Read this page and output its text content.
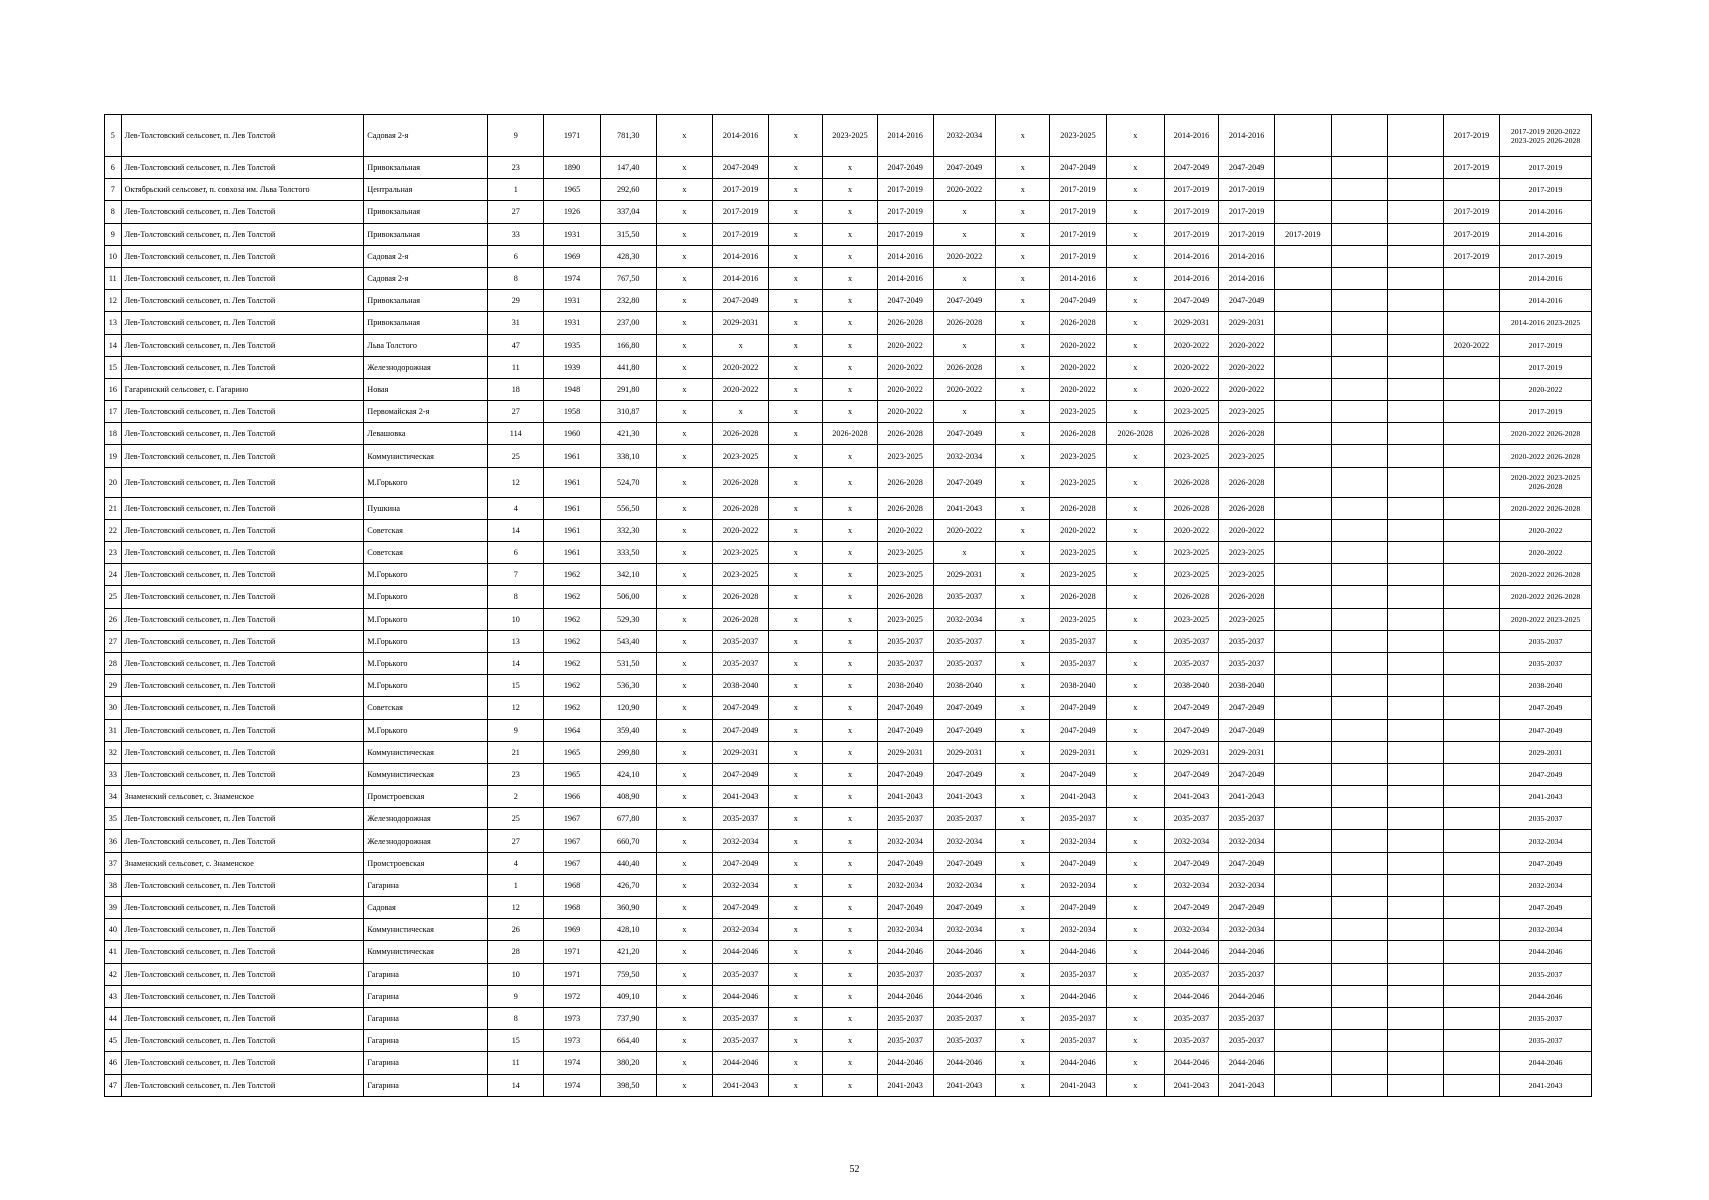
5	Лев-Толстовский сельсовет, п. Лев Толстой	Садовая 2-я	9	1971	781,30	x	2014-2016	x	2023-2025	2014-2016	2032-2034	x	2023-2025	x	2014-2016	2014-2016				2017-2019	2017-2019 2020-2022 2023-2025 2026-2028
6	Лев-Толстовский сельсовет, п. Лев Толстой	Привокзальная	23	1890	147,40	x	2047-2049	x	x	2047-2049	2047-2049	x	2047-2049	x	2047-2049	2047-2049				2017-2019	2017-2019
7	Октябрьский сельсовет, п. совхоза им. Льва Толстого	Центральная	1	1965	292,60	x	2017-2019	x	x	2017-2019	2020-2022	x	2017-2019	x	2017-2019	2017-2019					2017-2019
8	Лев-Толстовский сельсовет, п. Лев Толстой	Привокзальная	27	1926	337,04	x	2017-2019	x	x	2017-2019	x	x	2017-2019	x	2017-2019	2017-2019				2017-2019	2014-2016
9	Лев-Толстовский сельсовет, п. Лев Толстой	Привокзальная	33	1931	315,50	x	2017-2019	x	x	2017-2019	x	x	2017-2019	x	2017-2019	2017-2019	2017-2019			2017-2019	2014-2016
10	Лев-Толстовский сельсовет, п. Лев Толстой	Садовая 2-я	6	1969	428,30	x	2014-2016	x	x	2014-2016	2020-2022	x	2017-2019	x	2014-2016	2014-2016				2017-2019	2017-2019
11	Лев-Толстовский сельсовет, п. Лев Толстой	Садовая 2-я	8	1974	767,50	x	2014-2016	x	x	2014-2016	x	x	2014-2016	x	2014-2016	2014-2016					2014-2016
12	Лев-Толстовский сельсовет, п. Лев Толстой	Привокзальная	29	1931	232,80	x	2047-2049	x	x	2047-2049	2047-2049	x	2047-2049	x	2047-2049	2047-2049					2014-2016
13	Лев-Толстовский сельсовет, п. Лев Толстой	Привокзальная	31	1931	237,00	x	2029-2031	x	x	2026-2028	2026-2028	x	2026-2028	x	2029-2031	2029-2031					2014-2016 2023-2025
14	Лев-Толстовский сельсовет, п. Лев Толстой	Льва Толстого	47	1935	166,80	x	x	x	x	2020-2022	x	x	2020-2022	x	2020-2022	2020-2022				2020-2022	2017-2019
15	Лев-Толстовский сельсовет, п. Лев Толстой	Железнодорожная	11	1939	441,80	x	2020-2022	x	x	2020-2022	2026-2028	x	2020-2022	x	2020-2022	2020-2022					2017-2019
16	Гагаринский сельсовет, с. Гагарино	Новая	18	1948	291,80	x	2020-2022	x	x	2020-2022	2020-2022	x	2020-2022	x	2020-2022	2020-2022					2020-2022
17	Лев-Толстовский сельсовет, п. Лев Толстой	Первомайская 2-я	27	1958	310,87	x	x	x	x	2020-2022	x	x	2023-2025	x	2023-2025	2023-2025					2017-2019
18	Лев-Толстовский сельсовет, п. Лев Толстой	Левашовка	114	1960	421,30	x	2026-2028	x	2026-2028	2026-2028	2047-2049	x	2026-2028	2026-2028	2026-2028	2026-2028					2020-2022 2026-2028
19	Лев-Толстовский сельсовет, п. Лев Толстой	Коммунистическая	25	1961	338,10	x	2023-2025	x	x	2023-2025	2032-2034	x	2023-2025	x	2023-2025	2023-2025					2020-2022 2026-2028
20	Лев-Толстовский сельсовет, п. Лев Толстой	М.Горького	12	1961	524,70	x	2026-2028	x	x	2026-2028	2047-2049	x	2023-2025	x	2026-2028	2026-2028					2020-2022 2023-2025 2026-2028
21	Лев-Толстовский сельсовет, п. Лев Толстой	Пушкина	4	1961	556,50	x	2026-2028	x	x	2026-2028	2041-2043	x	2026-2028	x	2026-2028	2026-2028					2020-2022 2026-2028
22	Лев-Толстовский сельсовет, п. Лев Толстой	Советская	14	1961	332,30	x	2020-2022	x	x	2020-2022	2020-2022	x	2020-2022	x	2020-2022	2020-2022					2020-2022
23	Лев-Толстовский сельсовет, п. Лев Толстой	Советская	6	1961	333,50	x	2023-2025	x	x	2023-2025	x	x	2023-2025	x	2023-2025	2023-2025					2020-2022
24	Лев-Толстовский сельсовет, п. Лев Толстой	М.Горького	7	1962	342,10	x	2023-2025	x	x	2023-2025	2029-2031	x	2023-2025	x	2023-2025	2023-2025					2020-2022 2026-2028
25	Лев-Толстовский сельсовет, п. Лев Толстой	М.Горького	8	1962	506,00	x	2026-2028	x	x	2026-2028	2035-2037	x	2026-2028	x	2026-2028	2026-2028					2020-2022 2026-2028
26	Лев-Толстовский сельсовет, п. Лев Толстой	М.Горького	10	1962	529,30	x	2026-2028	x	x	2023-2025	2032-2034	x	2023-2025	x	2023-2025	2023-2025					2020-2022 2023-2025
27	Лев-Толстовский сельсовет, п. Лев Толстой	М.Горького	13	1962	543,40	x	2035-2037	x	x	2035-2037	2035-2037	x	2035-2037	x	2035-2037	2035-2037					2035-2037
28	Лев-Толстовский сельсовет, п. Лев Толстой	М.Горького	14	1962	531,50	x	2035-2037	x	x	2035-2037	2035-2037	x	2035-2037	x	2035-2037	2035-2037					2035-2037
29	Лев-Толстовский сельсовет, п. Лев Толстой	М.Горького	15	1962	536,30	x	2038-2040	x	x	2038-2040	2038-2040	x	2038-2040	x	2038-2040	2038-2040					2038-2040
30	Лев-Толстовский сельсовет, п. Лев Толстой	Советская	12	1962	120,90	x	2047-2049	x	x	2047-2049	2047-2049	x	2047-2049	x	2047-2049	2047-2049					2047-2049
31	Лев-Толстовский сельсовет, п. Лев Толстой	М.Горького	9	1964	359,40	x	2047-2049	x	x	2047-2049	2047-2049	x	2047-2049	x	2047-2049	2047-2049					2047-2049
32	Лев-Толстовский сельсовет, п. Лев Толстой	Коммунистическая	21	1965	299,80	x	2029-2031	x	x	2029-2031	2029-2031	x	2029-2031	x	2029-2031	2029-2031					2029-2031
33	Лев-Толстовский сельсовет, п. Лев Толстой	Коммунистическая	23	1965	424,10	x	2047-2049	x	x	2047-2049	2047-2049	x	2047-2049	x	2047-2049	2047-2049					2047-2049
34	Знаменский сельсовет, с. Знаменское	Промстроевская	2	1966	408,90	x	2041-2043	x	x	2041-2043	2041-2043	x	2041-2043	x	2041-2043	2041-2043					2041-2043
35	Лев-Толстовский сельсовет, п. Лев Толстой	Железнодорожная	25	1967	677,80	x	2035-2037	x	x	2035-2037	2035-2037	x	2035-2037	x	2035-2037	2035-2037					2035-2037
36	Лев-Толстовский сельсовет, п. Лев Толстой	Железнодорожная	27	1967	660,70	x	2032-2034	x	x	2032-2034	2032-2034	x	2032-2034	x	2032-2034	2032-2034					2032-2034
37	Знаменский сельсовет, с. Знаменское	Промстроевская	4	1967	440,40	x	2047-2049	x	x	2047-2049	2047-2049	x	2047-2049	x	2047-2049	2047-2049					2047-2049
38	Лев-Толстовский сельсовет, п. Лев Толстой	Гагарина	1	1968	426,70	x	2032-2034	x	x	2032-2034	2032-2034	x	2032-2034	x	2032-2034	2032-2034					2032-2034
39	Лев-Толстовский сельсовет, п. Лев Толстой	Садовая	12	1968	360,90	x	2047-2049	x	x	2047-2049	2047-2049	x	2047-2049	x	2047-2049	2047-2049					2047-2049
40	Лев-Толстовский сельсовет, п. Лев Толстой	Коммунистическая	26	1969	428,10	x	2032-2034	x	x	2032-2034	2032-2034	x	2032-2034	x	2032-2034	2032-2034					2032-2034
41	Лев-Толстовский сельсовет, п. Лев Толстой	Коммунистическая	28	1971	421,20	x	2044-2046	x	x	2044-2046	2044-2046	x	2044-2046	x	2044-2046	2044-2046					2044-2046
42	Лев-Толстовский сельсовет, п. Лев Толстой	Гагарина	10	1971	759,50	x	2035-2037	x	x	2035-2037	2035-2037	x	2035-2037	x	2035-2037	2035-2037					2035-2037
43	Лев-Толстовский сельсовет, п. Лев Толстой	Гагарина	9	1972	409,10	x	2044-2046	x	x	2044-2046	2044-2046	x	2044-2046	x	2044-2046	2044-2046					2044-2046
44	Лев-Толстовский сельсовет, п. Лев Толстой	Гагарина	8	1973	737,90	x	2035-2037	x	x	2035-2037	2035-2037	x	2035-2037	x	2035-2037	2035-2037					2035-2037
45	Лев-Толстовский сельсовет, п. Лев Толстой	Гагарина	15	1973	664,40	x	2035-2037	x	x	2035-2037	2035-2037	x	2035-2037	x	2035-2037	2035-2037					2035-2037
46	Лев-Толстовский сельсовет, п. Лев Толстой	Гагарина	11	1974	380,20	x	2044-2046	x	x	2044-2046	2044-2046	x	2044-2046	x	2044-2046	2044-2046					2044-2046
47	Лев-Толстовский сельсовет, п. Лев Толстой	Гагарина	14	1974	398,50	x	2041-2043	x	x	2041-2043	2041-2043	x	2041-2043	x	2041-2043	2041-2043					2041-2043
52
